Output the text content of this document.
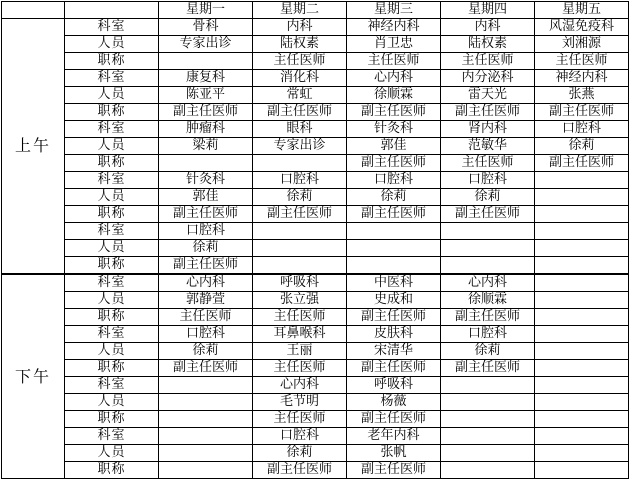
		星期一	星期二	星期三	星期四	星期五
上午	科室	骨科	内科	神经内科	内科	风湿免疫科
	人员	专家出诊	陆权素	肖卫忠	陆权素	刘湘源
	职称		主任医师	主任医师	主任医师	主任医师
	科室	康复科	消化科	心内科	内分泌科	神经内科
	人员	陈亚平	常虹	徐顺霖	雷天光	张燕
	职称	副主任医师	副主任医师	副主任医师	副主任医师	副主任医师
	科室	肿瘤科	眼科	针灸科	肾内科	口腔科
	人员	梁莉	专家出诊	郭佳	范敏华	徐莉
	职称			副主任医师	主任医师	副主任医师
	科室	针灸科	口腔科	口腔科	口腔科	
	人员	郭佳	徐莉	徐莉	徐莉	
	职称	副主任医师	副主任医师	副主任医师	副主任医师	
	科室	口腔科				
	人员	徐莉				
	职称	副主任医师				
下午	科室	心内科	呼吸科	中医科	心内科	
	人员	郭静萱	张立强	史成和	徐顺霖	
	职称	主任医师	主任医师	副主任医师	副主任医师	
	科室	口腔科	耳鼻喉科	皮肤科	口腔科	
	人员	徐莉	王丽	宋清华	徐莉	
	职称	副主任医师	主任医师	副主任医师	副主任医师	
	科室		心内科	呼吸科		
	人员		毛节明	杨薇		
	职称		主任医师	副主任医师		
	科室		口腔科	老年内科		
	人员		徐莉	张帆		
	职称		副主任医师	副主任医师		
